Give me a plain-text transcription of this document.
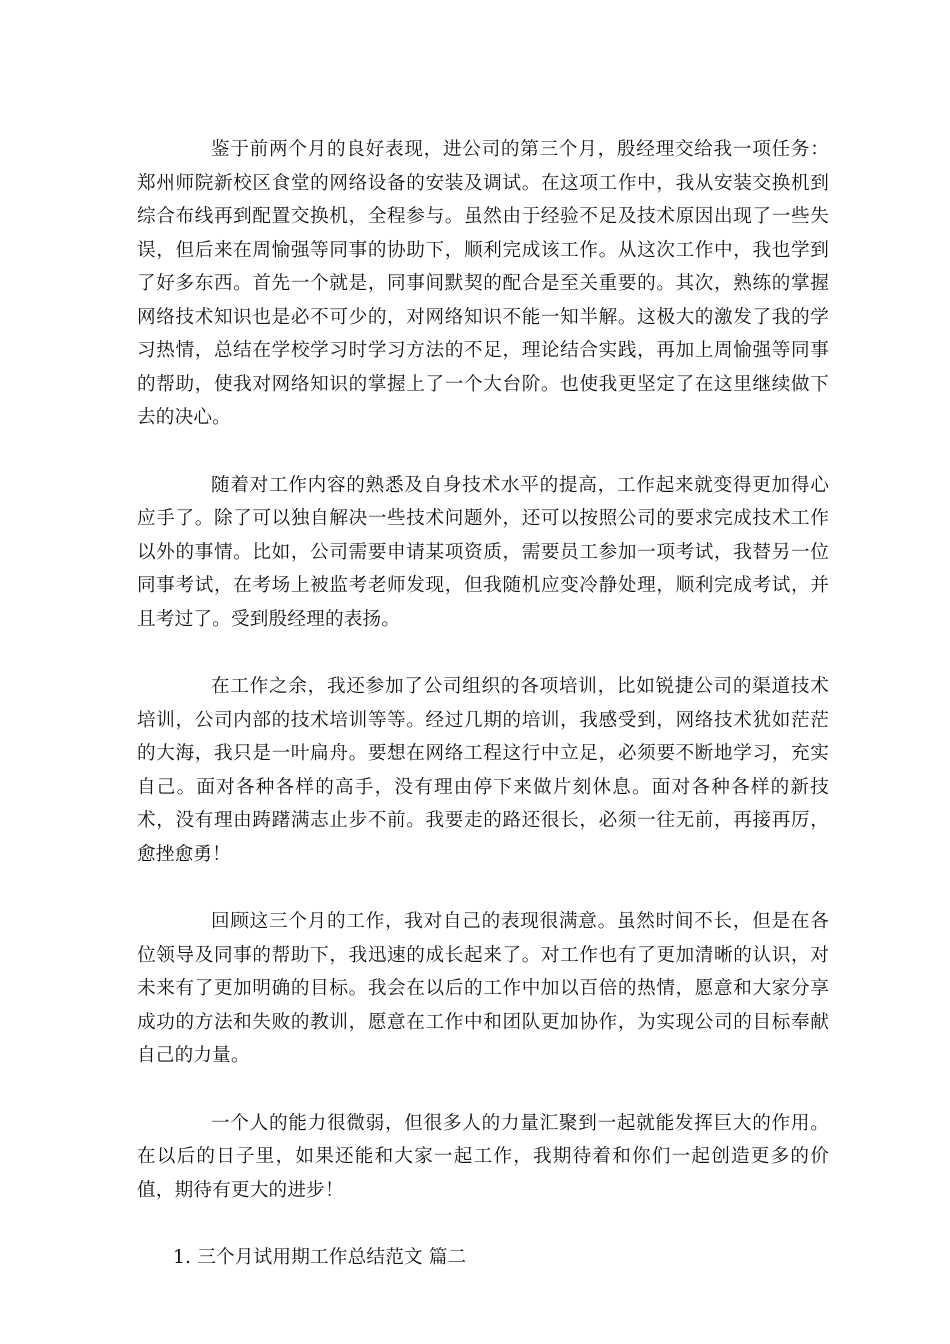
鉴于前两个月的良好表现，进公司的第三个月，殷经理交给我一项任务：郑州师院新校区食堂的网络设备的安装及调试。在这项工作中，我从安装交换机到综合布线再到配置交换机，全程参与。虽然由于经验不足及技术原因出现了一些失误，但后来在周愉强等同事的协助下，顺利完成该工作。从这次工作中，我也学到了好多东西。首先一个就是，同事间默契的配合是至关重要的。其次，熟练的掌握网络技术知识也是必不可少的，对网络知识不能一知半解。这极大的激发了我的学习热情，总结在学校学习时学习方法的不足，理论结合实践，再加上周愉强等同事的帮助，使我对网络知识的掌握上了一个大台阶。也使我更坚定了在这里继续做下去的决心。

随着对工作内容的熟悉及自身技术水平的提高，工作起来就变得更加得心应手了。除了可以独自解决一些技术问题外，还可以按照公司的要求完成技术工作以外的事情。比如，公司需要申请某项资质，需要员工参加一项考试，我替另一位同事考试，在考场上被监考老师发现，但我随机应变冷静处理，顺利完成考试，并且考过了。受到殷经理的表扬。

在工作之余，我还参加了公司组织的各项培训，比如锐捷公司的渠道技术培训，公司内部的技术培训等等。经过几期的培训，我感受到，网络技术犹如茫茫的大海，我只是一叶扁舟。要想在网络工程这行中立足，必须要不断地学习，充实自己。面对各种各样的高手，没有理由停下来做片刻休息。面对各种各样的新技术，没有理由踌躇满志止步不前。我要走的路还很长，必须一往无前，再接再厉，愈挫愈勇！

回顾这三个月的工作，我对自己的表现很满意。虽然时间不长，但是在各位领导及同事的帮助下，我迅速的成长起来了。对工作也有了更加清晰的认识，对未来有了更加明确的目标。我会在以后的工作中加以百倍的热情，愿意和大家分享成功的方法和失败的教训，愿意在工作中和团队更加协作，为实现公司的目标奉献自己的力量。

一个人的能力很微弱，但很多人的力量汇聚到一起就能发挥巨大的作用。在以后的日子里，如果还能和大家一起工作，我期待着和你们一起创造更多的价值，期待有更大的进步！

1. 三个月试用期工作总结范文 篇二
